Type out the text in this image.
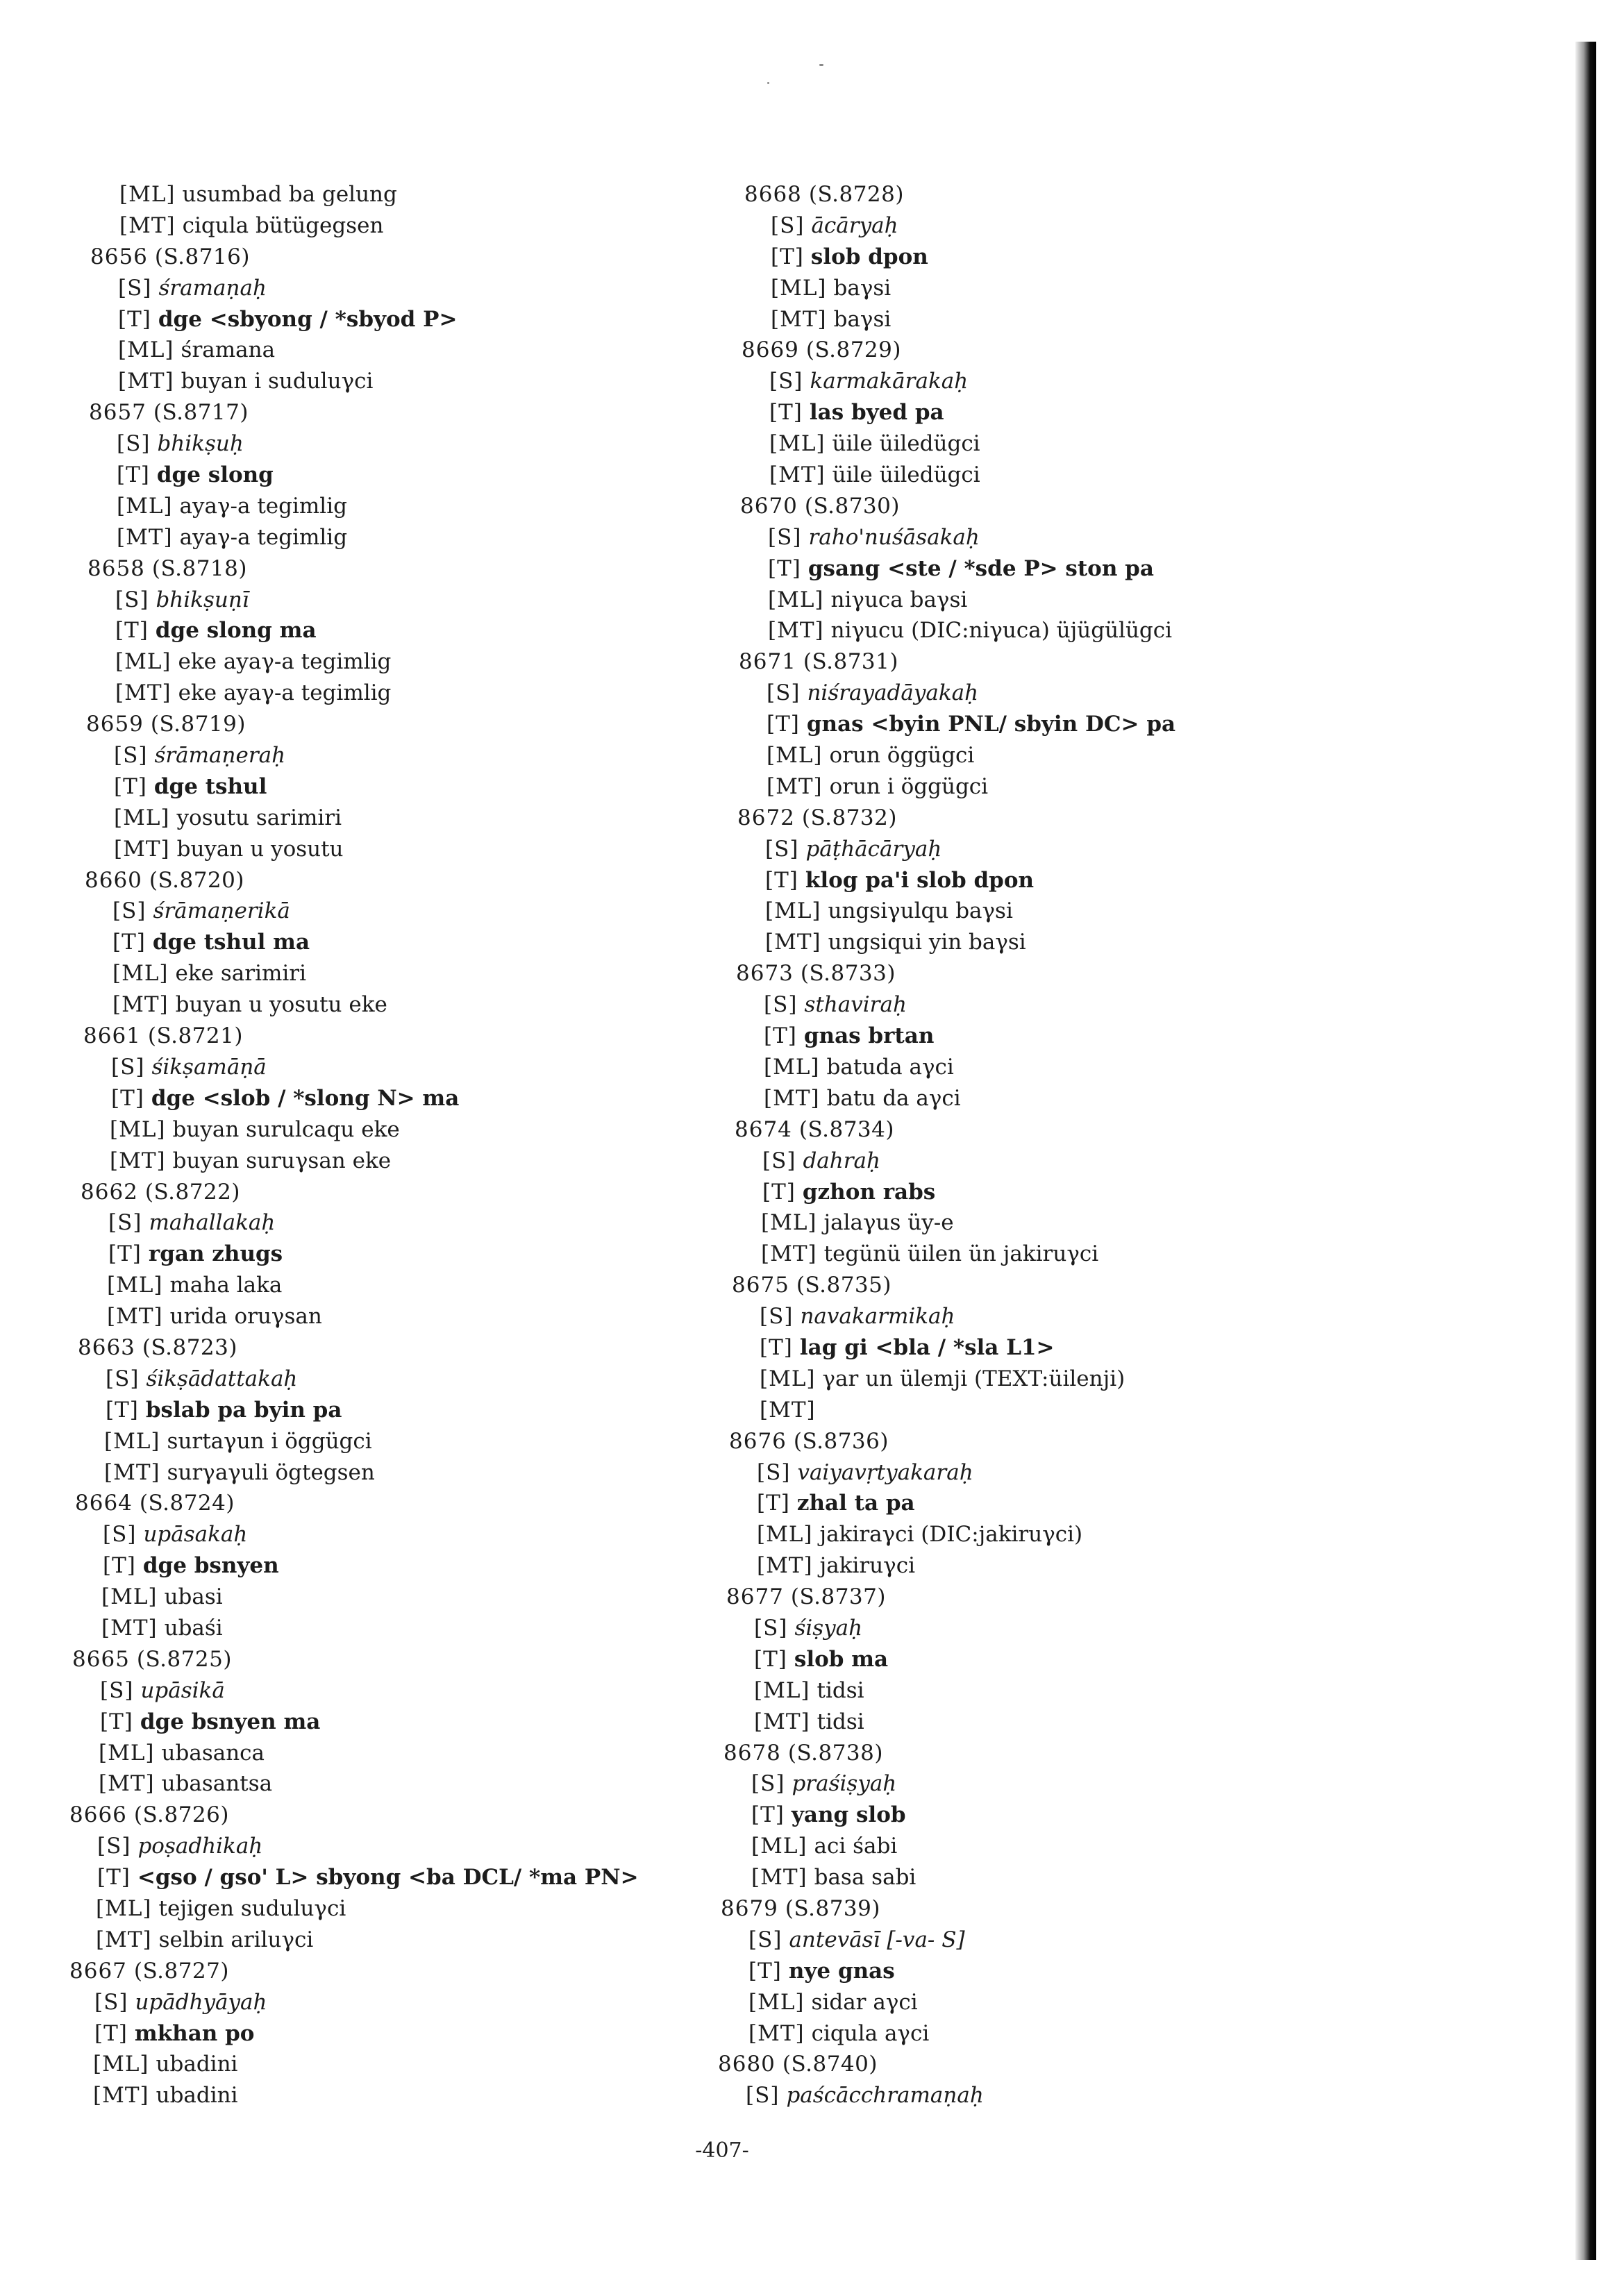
[ML] usumbad ba gelung
[MT] ciqula bütügegsen
8656 (S.8716)
[S] śramaṇaḥ
[T] dge <sbyong / *sbyod P>
[ML] śramana
[MT] buyan i suduluγci
8657 (S.8717)
[S] bhikṣuḥ
[T] dge slong
[ML] ayaγ-a tegimlig
[MT] ayaγ-a tegimlig
8658 (S.8718)
[S] bhikṣuṇī
[T] dge slong ma
[ML] eke ayaγ-a tegimlig
[MT] eke ayaγ-a tegimlig
8659 (S.8719)
[S] śrāmaṇeraḥ
[T] dge tshul
[ML] yosutu sarimiri
[MT] buyan u yosutu
8660 (S.8720)
[S] śrāmaṇerikā
[T] dge tshul ma
[ML] eke sarimiri
[MT] buyan u yosutu eke
8661 (S.8721)
[S] śikṣamāṇā
[T] dge <slob / *slong N> ma
[ML] buyan surulcaqu eke
[MT] buyan suruγsan eke
8662 (S.8722)
[S] mahallakaḥ
[T] rgan zhugs
[ML] maha laka
[MT] urida oruγsan
8663 (S.8723)
[S] śikṣādattakaḥ
[T] bslab pa byin pa
[ML] surtaγun i öggügci
[MT] surγaγuli ögtegsen
8664 (S.8724)
[S] upāsakaḥ
[T] dge bsnyen
[ML] ubasi
[MT] ubaśi
8665 (S.8725)
[S] upāsikā
[T] dge bsnyen ma
[ML] ubasanca
[MT] ubasantsa
8666 (S.8726)
[S] poṣadhikaḥ
[T] <gso / gso' L> sbyong <ba DCL/ *ma PN>
[ML] tejigen suduluγci
[MT] selbin ariluγci
8667 (S.8727)
[S] upādhyāyaḥ
[T] mkhan po
[ML] ubadini
[MT] ubadini
8668 (S.8728)
[S] ācāryaḥ
[T] slob dpon
[ML] baγsi
[MT] baγsi
8669 (S.8729)
[S] karmakārakaḥ
[T] las byed pa
[ML] üile üiledügci
[MT] üile üiledügci
8670 (S.8730)
[S] raho'nuśāsakaḥ
[T] gsang <ste / *sde P> ston pa
[ML] niγuca baγsi
[MT] niγucu (DIC:niγuca) üjügülügci
8671 (S.8731)
[S] niśrayadāyakaḥ
[T] gnas <byin PNL/ sbyin DC> pa
[ML] orun öggügci
[MT] orun i öggügci
8672 (S.8732)
[S] pāṭhācāryaḥ
[T] klog pa'i slob dpon
[ML] ungsiγulqu baγsi
[MT] ungsiqui yin baγsi
8673 (S.8733)
[S] sthaviraḥ
[T] gnas brtan
[ML] batuda aγci
[MT] batu da aγci
8674 (S.8734)
[S] dahraḥ
[T] gzhon rabs
[ML] jalaγus üy-e
[MT] tegünü üilen ün jakiruγci
8675 (S.8735)
[S] navakarmikaḥ
[T] lag gi <bla / *sla L1>
[ML] γar un ülemji (TEXT:üilenji)
[MT]
8676 (S.8736)
[S] vaiyavṛtyakaraḥ
[T] zhal ta pa
[ML] jakiraγci (DIC:jakiruγci)
[MT] jakiruγci
8677 (S.8737)
[S] śiṣyaḥ
[T] slob ma
[ML] tidsi
[MT] tidsi
8678 (S.8738)
[S] praśiṣyaḥ
[T] yang slob
[ML] aci śabi
[MT] basa sabi
8679 (S.8739)
[S] antevāsī [-va- S]
[T] nye gnas
[ML] sidar aγci
[MT] ciqula aγci
8680 (S.8740)
[S] paścācchramaṇaḥ
-407-
